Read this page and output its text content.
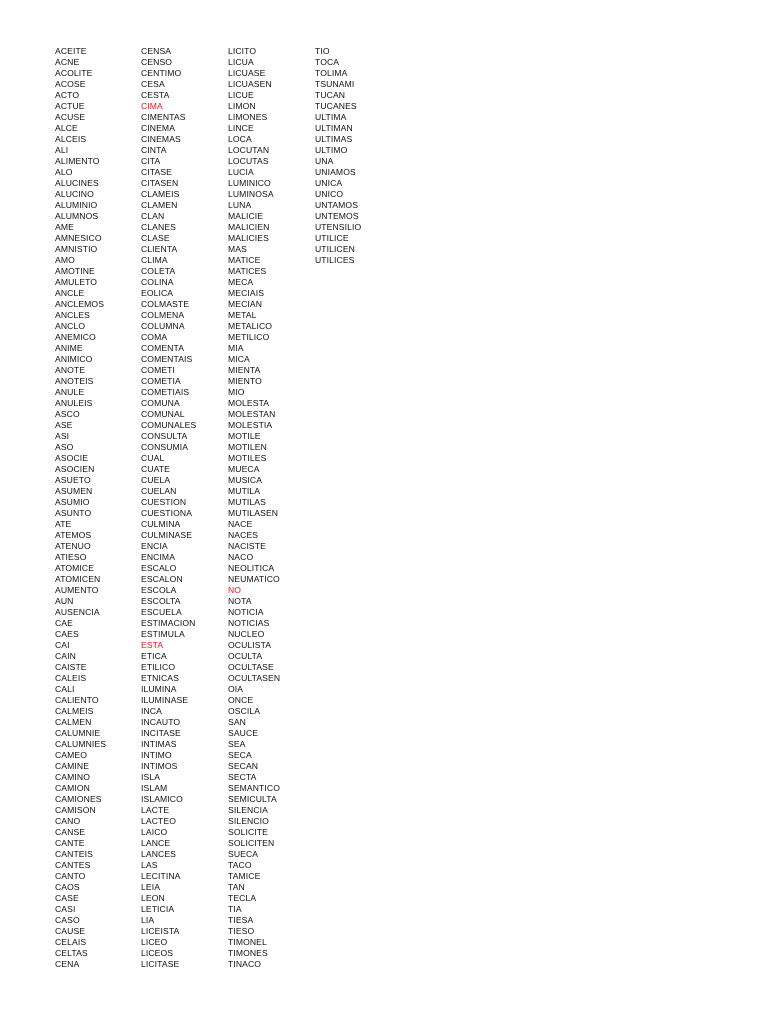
ACEITE
ACNE
ACOLITE
ACOSE
ACTO
ACTUE
ACUSE
ALCE
ALCEIS
ALI
ALIMENTO
ALO
ALUCINES
ALUCINO
ALUMINIO
ALUMNOS
AME
AMNESICO
AMNISTIO
AMO
AMOTINE
AMULETO
ANCLE
ANCLEMOS
ANCLES
ANCLO
ANEMICO
ANIME
ANIMICO
ANOTE
ANOTEIS
ANULE
ANULEIS
ASCO
ASE
ASI
ASO
ASOCIE
ASOCIEN
ASUETO
ASUMEN
ASUMIO
ASUNTO
ATE
ATEMOS
ATENUO
ATIESO
ATOMICE
ATOMICEN
AUMENTO
AUN
AUSENCIA
CAE
CAES
CAI
CAIN
CAISTE
CALEIS
CALI
CALIENTO
CALMEIS
CALMEN
CALUMNIE
CALUMNIES
CAMEO
CAMINE
CAMINO
CAMION
CAMIONES
CAMISON
CANO
CANSE
CANTE
CANTEIS
CANTES
CANTO
CAOS
CASE
CASI
CASO
CAUSE
CELAIS
CELTAS
CENA
CENSA
CENSO
CENTIMO
CESA
CESTA
CIMA
CIMENTAS
CINEMA
CINEMAS
CINTA
CITA
CITASE
CITASEN
CLAMEIS
CLAMEN
CLAN
CLANES
CLASE
CLIENTA
CLIMA
COLETA
COLINA
EOLICA
COLMASTE
COLMENA
COLUMNA
COMA
COMENTA
COMENTAIS
COMETI
COMETIA
COMETIAIS
COMUNA
COMUNAL
COMUNALES
CONSULTA
CONSUMIA
CUAL
CUATE
CUELA
CUELAN
CUESTION
CUESTIONA
CULMINA
CULMINASE
ENCIA
ENCIMA
ESCALO
ESCALON
ESCOLA
ESCOLTA
ESCUELA
ESTIMACION
ESTIMULA
ESTA
ETICA
ETILICO
ETNICAS
ILUMINA
ILUMINASE
INCA
INCAUTO
INCITASE
INTIMAS
INTIMO
INTIMOS
ISLA
ISLAM
ISLAMICO
LACTE
LACTEO
LAICO
LANCE
LANCES
LAS
LECITINA
LEIA
LEON
LETICIA
LIA
LICEISTA
LICEO
LICEOS
LICITASE
LICITO
LICUA
LICUASE
LICUASEN
LICUE
LIMON
LIMONES
LINCE
LOCA
LOCUTAN
LOCUTAS
LUCIA
LUMINICO
LUMINOSA
LUNA
MALICIE
MALICIEN
MALICIES
MAS
MATICE
MATICES
MECA
MECIAIS
MECIAN
METAL
METALICO
METILICO
MIA
MICA
MIENTA
MIENTO
MIO
MOLESTA
MOLESTAN
MOLESTIA
MOTILE
MOTILEN
MOTILES
MUECA
MUSICA
MUTILA
MUTILAS
MUTILASEN
NACE
NACES
NACISTE
NACO
NEOLITICA
NEUMATICO
NO
NOTA
NOTICIA
NOTICIAS
NUCLEO
OCULISTA
OCULTA
OCULTASE
OCULTASEN
OIA
ONCE
OSCILA
SAN
SAUCE
SEA
SECA
SECAN
SECTA
SEMANTICO
SEMICULTA
SILENCIA
SILENCIO
SOLICITE
SOLICITEN
SUECA
TACO
TAMICE
TAN
TECLA
TIA
TIESA
TIESO
TIMONEL
TIMONES
TINACO
TIO
TOCA
TOLIMA
TSUNAMI
TUCAN
TUCANES
ULTIMA
ULTIMAN
ULTIMAS
ULTIMO
UNA
UNIAMOS
UNICA
UNICO
UNTAMOS
UNTEMOS
UTENSILIO
UTILICE
UTILICEN
UTILICES
